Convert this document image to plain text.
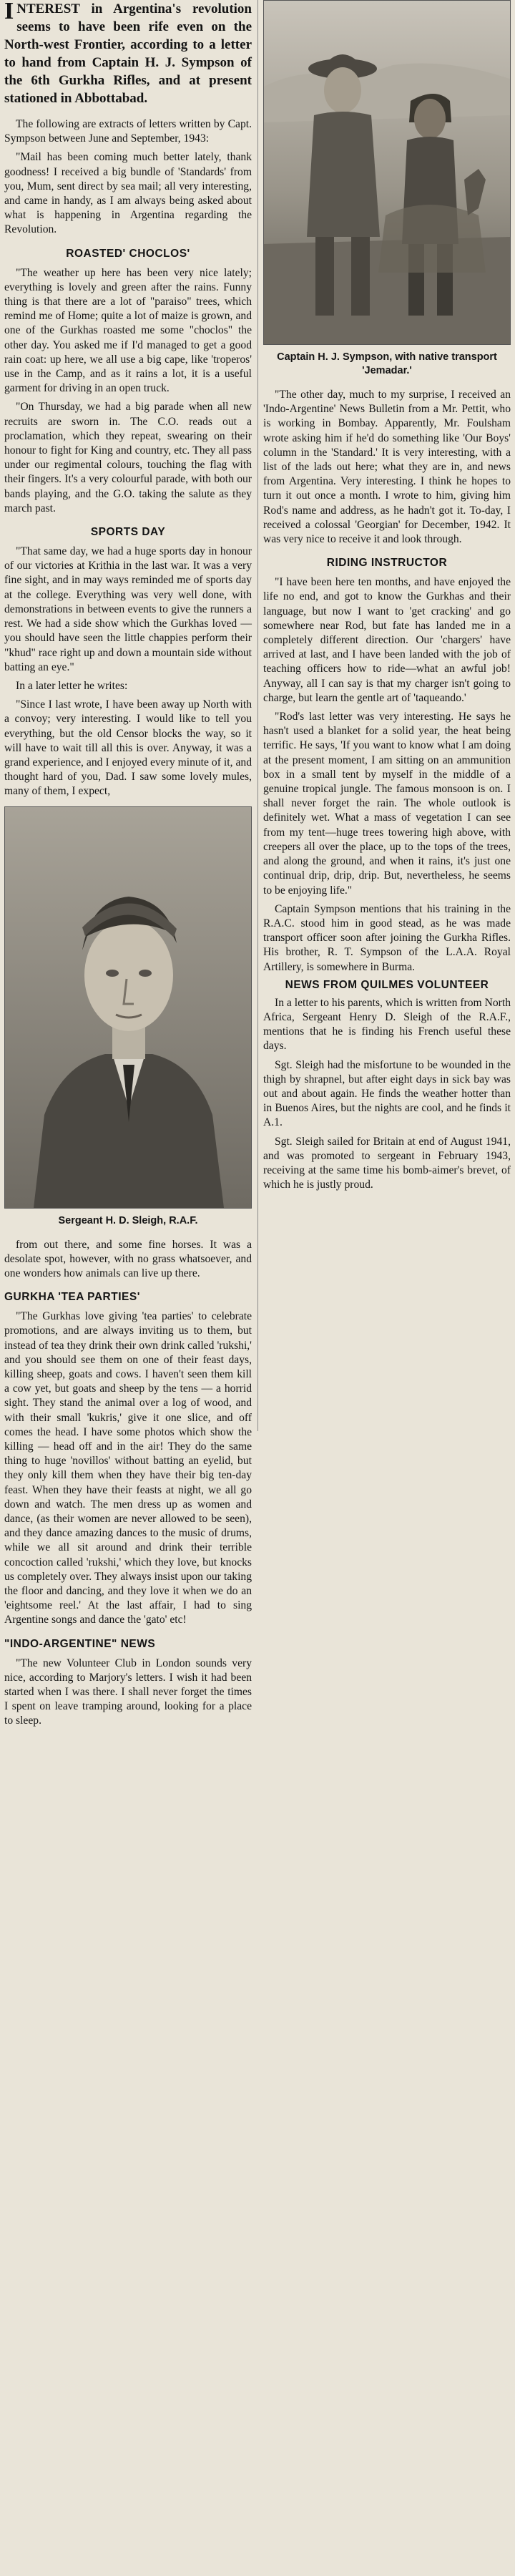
INTEREST in Argentina's revolution seems to have been rife even on the North-west Frontier, according to a letter to hand from Captain H. J. Sympson of the 6th Gurkha Rifles, and at present stationed in Abbottabad.

The following are extracts of letters written by Capt. Sympson between June and September, 1943:

"Mail has been coming much better lately, thank goodness! I received a big bundle of 'Standards' from you, Mum, sent direct by sea mail; all very interesting, and came in handy, as I am always being asked about what is happening in Argentina regarding the Revolution.

ROASTED' CHOCLOS'

"The weather up here has been very nice lately; everything is lovely and green after the rains. Funny thing is that there are a lot of "paraiso" trees, which remind me of Home; quite a lot of maize is grown, and one of the Gurkhas roasted me some "choclos" the other day. You asked me if I'd managed to get a good rain coat: up here, we all use a big cape, like 'troperos' use in the Camp, and as it rains a lot, it is a useful garment for driving in an open truck.

"On Thursday, we had a big parade when all new recruits are sworn in. The C.O. reads out a proclamation, which they repeat, swearing on their honour to fight for King and country, etc. They all pass under our regimental colours, touching the flag with their fingers. It's a very colourful parade, with both our bands playing, and the G.O. taking the salute as they march past.

SPORTS DAY

"That same day, we had a huge sports day in honour of our victories at Krithia in the last war. It was a very fine sight, and in may ways reminded me of sports day at the college. Everything was very well done, with demonstrations in between events to give the runners a rest. We had a side show which the Gurkhas loved — you should have seen the little chappies perform their "khud" race right up and down a mountain side without batting an eye."

In a later letter he writes:

"Since I last wrote, I have been away up North with a convoy; very interesting. I would like to tell you everything, but the old Censor blocks the way, so it will have to wait till all this is over. Anyway, it was a grand experience, and I enjoyed every minute of it, and thought hard of you, Dad. I saw some lovely mules, many of them, I expect,

Sergeant H. D. Sleigh, R.A.F.

from out there, and some fine horses. It was a desolate spot, however, with no grass whatsoever, and one wonders how animals can live up there.

GURKHA 'TEA PARTIES'

"The Gurkhas love giving 'tea parties' to celebrate promotions, and are always inviting us to them, but instead of tea they drink their own drink called 'rukshi,' and you should see them on one of their feast days, killing sheep, goats and cows. I haven't seen them kill a cow yet, but goats and sheep by the tens — a horrid sight. They stand the animal over a log of wood, and with their small 'kukris,' give it one slice, and off comes the head. I have some photos which show the killing — head off and in the air! They do the same thing to huge 'novillos' without batting an eyelid, but they only kill them when they have their big ten-day feast. When they have their feasts at night, we all go down and watch. The men dress up as women and dance, (as their women are never allowed to be seen), and they dance amazing dances to the music of drums, while we all sit around and drink their terrible concoction called 'rukshi,' which they love, but knocks us completely over. They always insist upon our taking the floor and dancing, and they love it when we do an 'eightsome reel.' At the last affair, I had to sing Argentine songs and dance the 'gato' etc!

"INDO-ARGENTINE" NEWS

"The new Volunteer Club in London sounds very nice, according to Marjory's letters. I wish it had been started when I was there. I shall never forget the times I spent on leave tramping around, looking for a place to sleep.

Captain H. J. Sympson, with native transport 'Jemadar.'

"The other day, much to my surprise, I received an 'Indo-Argentine' News Bulletin from a Mr. Pettit, who is working in Bombay. Apparently, Mr. Foulsham wrote asking him if he'd do something like 'Our Boys' column in the 'Standard.' It is very interesting, with a list of the lads out here; what they are in, and news from Argentina. Very interesting. I think he hopes to turn it out once a month. I wrote to him, giving him Rod's name and address, as he hadn't got it. To-day, I received a colossal 'Georgian' for December, 1942. It was very nice to receive it and look through.

RIDING INSTRUCTOR

"I have been here ten months, and have enjoyed the life no end, and got to know the Gurkhas and their language, but now I want to 'get cracking' and go somewhere near Rod, but fate has landed me in a completely different direction. Our 'chargers' have arrived at last, and I have been landed with the job of teaching officers how to ride—what an awful job! Anyway, all I can say is that my charger isn't going to charge, but learn the gentle art of 'taqueando.'

"Rod's last letter was very interesting. He says he hasn't used a blanket for a solid year, the heat being terrific. He says, 'If you want to know what I am doing at the present moment, I am sitting on an ammunition box in a small tent by myself in the middle of a genuine tropical jungle. The famous monsoon is on. I shall never forget the rain. The whole outlook is definitely wet. What a mass of vegetation I can see from my tent—huge trees towering high above, with creepers all over the place, up to the tops of the trees, and along the ground, and when it rains, it's just one continual drip, drip, drip. But, nevertheless, he seems to be enjoying life."

Captain Sympson mentions that his training in the R.A.C. stood him in good stead, as he was made transport officer soon after joining the Gurkha Rifles. His brother, R. T. Sympson of the L.A.A. Royal Artillery, is somewhere in Burma.

NEWS FROM QUILMES VOLUNTEER

In a letter to his parents, which is written from North Africa, Sergeant Henry D. Sleigh of the R.A.F., mentions that he is finding his French useful these days.

Sgt. Sleigh had the misfortune to be wounded in the thigh by shrapnel, but after eight days in sick bay was out and about again. He finds the weather hotter than in Buenos Aires, but the nights are cool, and he finds it A.1.

Sgt. Sleigh sailed for Britain at end of August 1941, and was promoted to sergeant in February 1943, receiving at the same time his bomb-aimer's brevet, of which he is justly proud.
